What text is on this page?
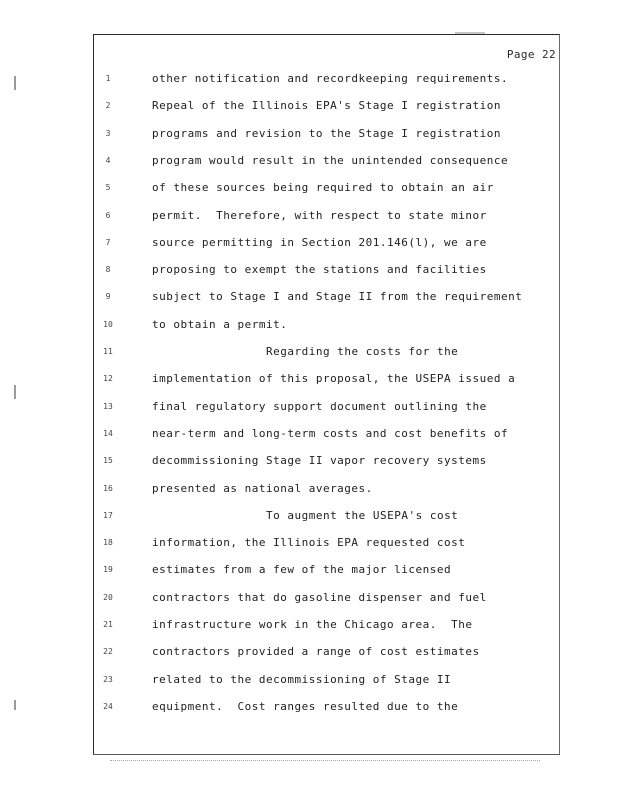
Page 22
1	other notification and recordkeeping requirements.
2	Repeal of the Illinois EPA's Stage I registration
3	programs and revision to the Stage I registration
4	program would result in the unintended consequence
5	of these sources being required to obtain an air
6	permit.  Therefore, with respect to state minor
7	source permitting in Section 201.146(l), we are
8	proposing to exempt the stations and facilities
9	subject to Stage I and Stage II from the requirement
10	to obtain a permit.
11	Regarding the costs for the
12	implementation of this proposal, the USEPA issued a
13	final regulatory support document outlining the
14	near-term and long-term costs and cost benefits of
15	decommissioning Stage II vapor recovery systems
16	presented as national averages.
17	To augment the USEPA's cost
18	information, the Illinois EPA requested cost
19	estimates from a few of the major licensed
20	contractors that do gasoline dispenser and fuel
21	infrastructure work in the Chicago area.  The
22	contractors provided a range of cost estimates
23	related to the decommissioning of Stage II
24	equipment.  Cost ranges resulted due to the
